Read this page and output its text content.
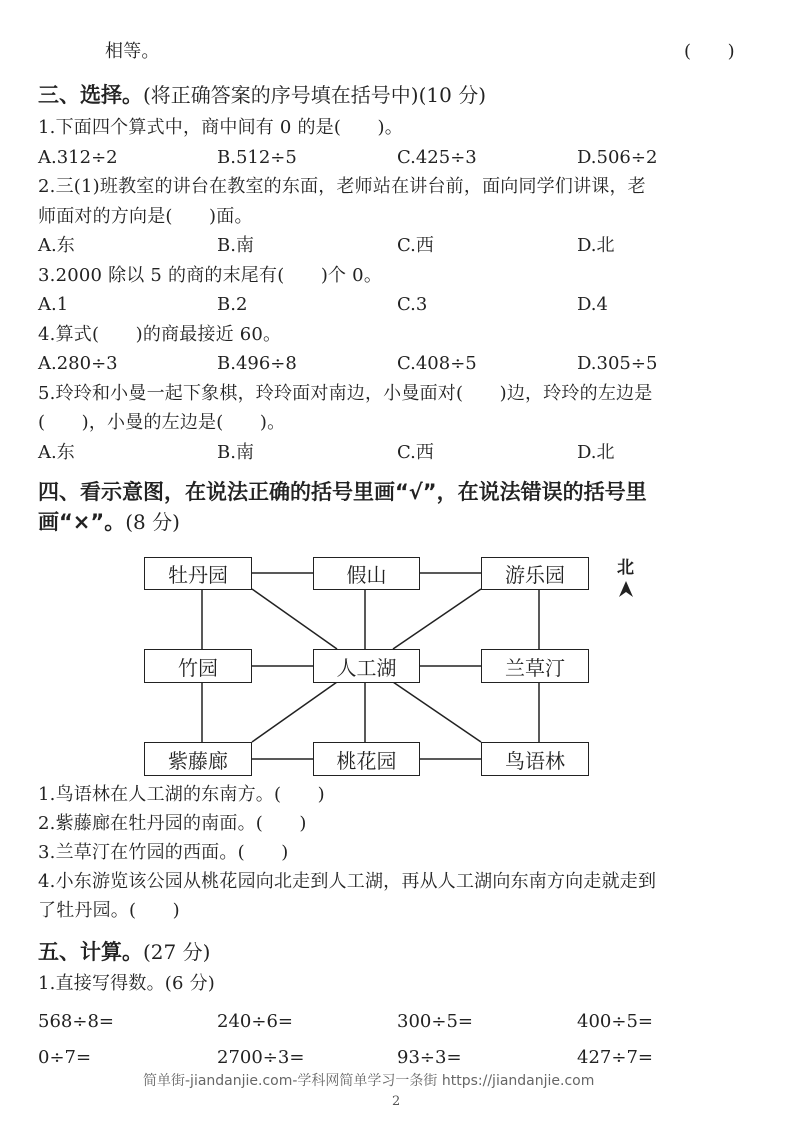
相等。	(　　)
三、选择。(将正确答案的序号填在括号中)(10 分)
1.下面四个算式中，商中间有 0 的是(　　)。
A.312÷2	B.512÷5	C.425÷3	D.506÷2
2.三(1)班教室的讲台在教室的东面，老师站在讲台前，面向同学们讲课，老
师面对的方向是(　　)面。
A.东	B.南	C.西	D.北
3.2000 除以 5 的商的末尾有(　　)个 0。
A.1	B.2	C.3	D.4
4.算式(　　)的商最接近 60。
A.280÷3	B.496÷8	C.408÷5	D.305÷5
5.玲玲和小曼一起下象棋，玲玲面对南边，小曼面对(　　)边，玲玲的左边是
(　　)，小曼的左边是(　　)。
A.东	B.南	C.西	D.北
四、看示意图，在说法正确的括号里画“√”，在说法错误的括号里
画“×”。(8 分)
牡丹园	假山	游乐园
竹园	人工湖	兰草汀
紫藤廊	桃花园	鸟语林
北
1.鸟语林在人工湖的东南方。(　　)
2.紫藤廊在牡丹园的南面。(　　)
3.兰草汀在竹园的西面。(　　)
4.小东游览该公园从桃花园向北走到人工湖，再从人工湖向东南方向走就走到
了牡丹园。(　　)
五、计算。(27 分)
1.直接写得数。(6 分)
568÷8=	240÷6=	300÷5=	400÷5=
0÷7=	2700÷3=	93÷3=	427÷7=
简单街-jiandanjie.com-学科网简单学习一条街 https://jiandanjie.com
2
